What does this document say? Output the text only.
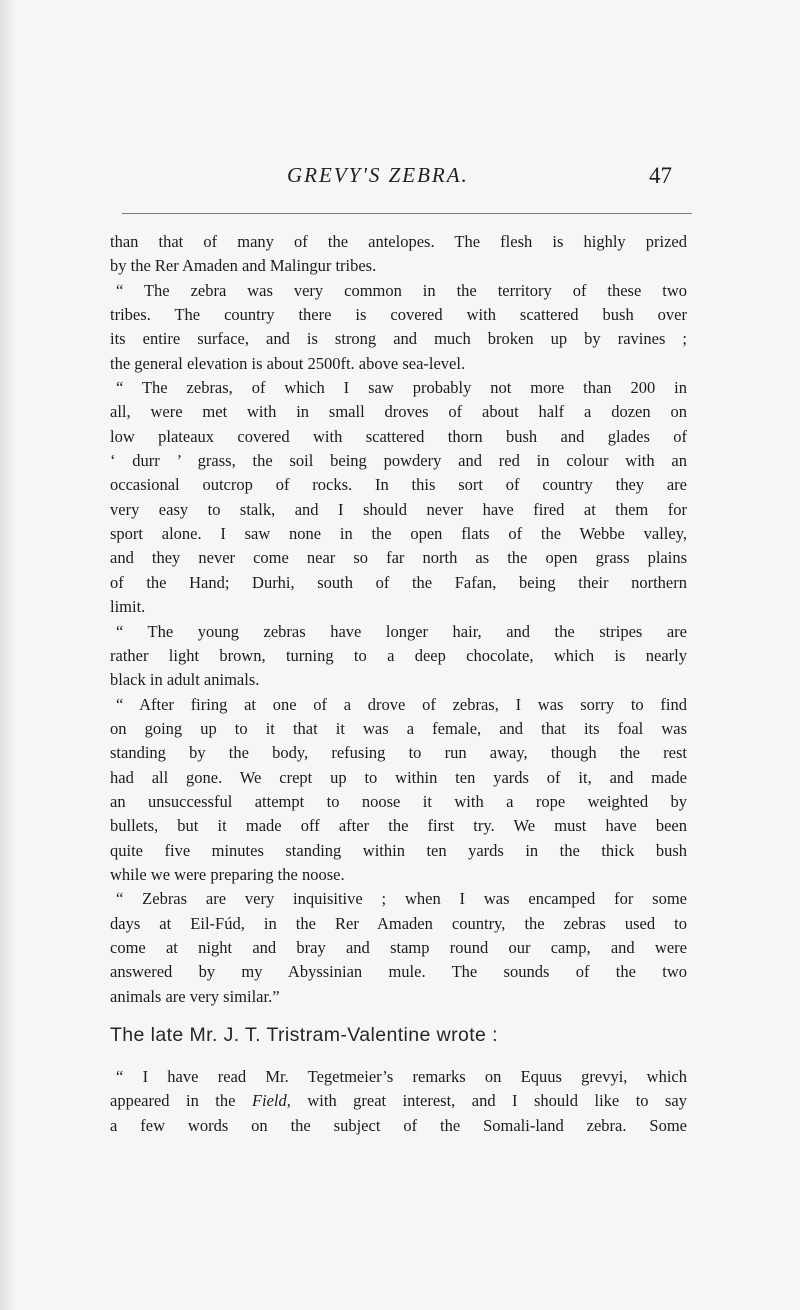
GREVY'S ZEBRA.	47
than that of many of the antelopes. The flesh is highly prized
by the Rer Amaden and Malingur tribes.
“ The zebra was very common in the territory of these two
tribes. The country there is covered with scattered bush over
its entire surface, and is strong and much broken up by ravines ;
the general elevation is about 2500ft. above sea-level.
“ The zebras, of which I saw probably not more than 200 in
all, were met with in small droves of about half a dozen on
low plateaux covered with scattered thorn bush and glades of
‘ durr ’ grass, the soil being powdery and red in colour with an
occasional outcrop of rocks. In this sort of country they are
very easy to stalk, and I should never have fired at them for
sport alone. I saw none in the open flats of the Webbe valley,
and they never come near so far north as the open grass plains
of the Hand; Durhi, south of the Fafan, being their northern
limit.
“ The young zebras have longer hair, and the stripes are
rather light brown, turning to a deep chocolate, which is nearly
black in adult animals.
“ After firing at one of a drove of zebras, I was sorry to find
on going up to it that it was a female, and that its foal was
standing by the body, refusing to run away, though the rest
had all gone. We crept up to within ten yards of it, and made
an unsuccessful attempt to noose it with a rope weighted by
bullets, but it made off after the first try. We must have been
quite five minutes standing within ten yards in the thick bush
while we were preparing the noose.
“ Zebras are very inquisitive ; when I was encamped for some
days at Eil-Fúd, in the Rer Amaden country, the zebras used to
come at night and bray and stamp round our camp, and were
answered by my Abyssinian mule. The sounds of the two
animals are very similar.”
The late Mr. J. T. Tristram-Valentine wrote :
“ I have read Mr. Tegetmeier’s remarks on Equus grevyi, which
appeared in the Field, with great interest, and I should like to say
a few words on the subject of the Somali-land zebra. Some
